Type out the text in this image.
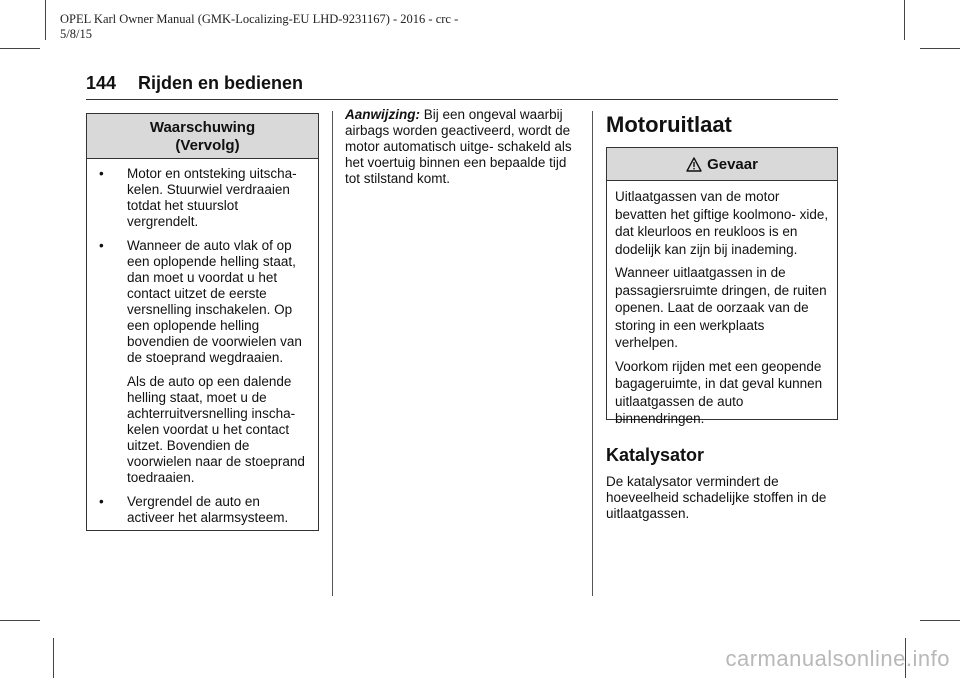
OPEL Karl Owner Manual (GMK-Localizing-EU LHD-9231167) - 2016 - crc -
5/8/15
144 Rijden en bedienen
Waarschuwing
(Vervolg)
•	Motor en ontsteking uitscha- kelen. Stuurwiel verdraaien totdat het stuurslot vergrendelt.
•	Wanneer de auto vlak of op een oplopende helling staat, dan moet u voordat u het contact uitzet de eerste versnelling inschakelen. Op een oplopende helling bovendien de voorwielen van de stoeprand wegdraaien.
Als de auto op een dalende helling staat, moet u de achterruitversnelling inscha- kelen voordat u het contact uitzet. Bovendien de voorwielen naar de stoeprand toedraaien.
•	Vergrendel de auto en activeer het alarmsysteem.
Aanwijzing: Bij een ongeval waarbij airbags worden geactiveerd, wordt de motor automatisch uitge- schakeld als het voertuig binnen een bepaalde tijd tot stilstand komt.
Motoruitlaat
Gevaar

Uitlaatgassen van de motor bevatten het giftige koolmono- xide, dat kleurloos en reukloos is en dodelijk kan zijn bij inademing.

Wanneer uitlaatgassen in de passagiersruimte dringen, de ruiten openen. Laat de oorzaak van de storing in een werkplaats verhelpen.

Voorkom rijden met een geopende bagageruimte, in dat geval kunnen uitlaatgassen de auto binnendringen.

Katalysator

De katalysator vermindert de hoeveelheid schadelijke stoffen in de uitlaatgassen.

carmanualsonline.info
